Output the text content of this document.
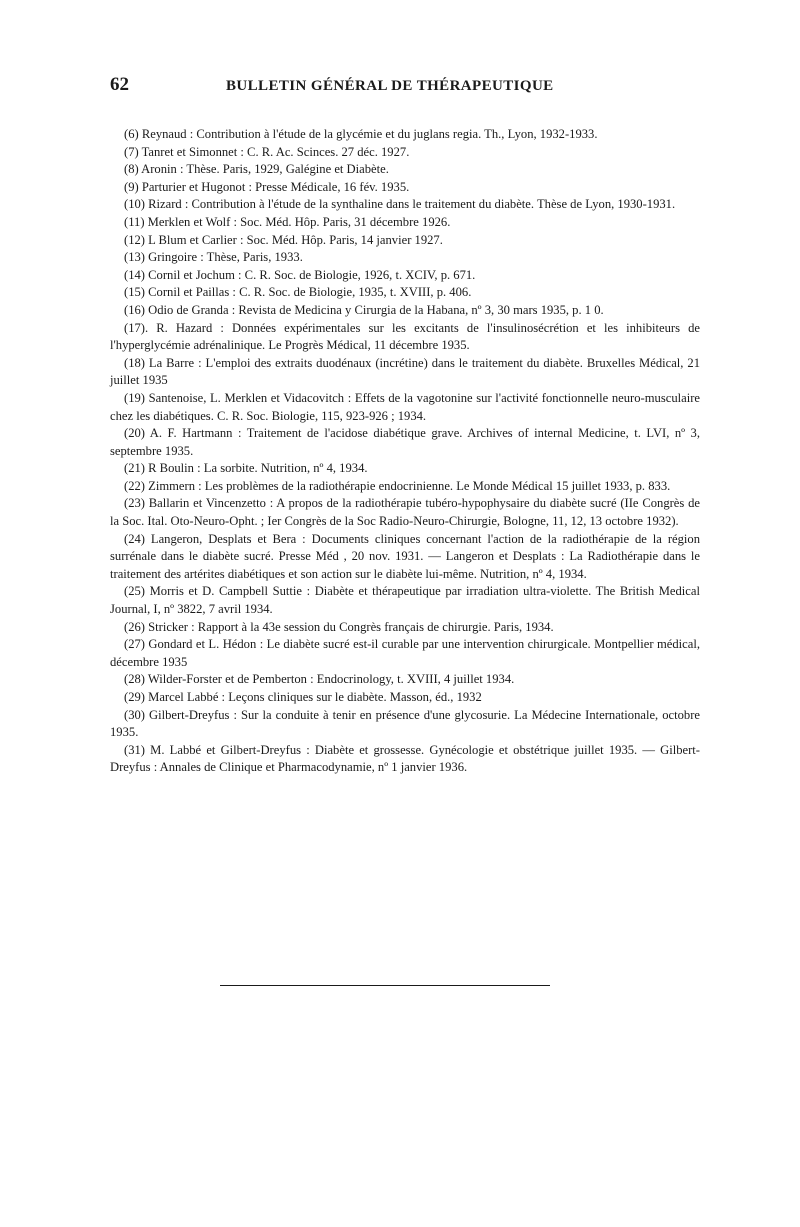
62	BULLETIN GÉNÉRAL DE THÉRAPEUTIQUE

(6) Reynaud : Contribution à l'étude de la glycémie et du juglans regia. Th., Lyon, 1932-1933.

(7) Tanret et Simonnet : C. R. Ac. Scinces. 27 déc. 1927.

(8) Aronin : Thèse. Paris, 1929, Galégine et Diabète.

(9) Parturier et Hugonot : Presse Médicale, 16 fév. 1935.

(10) Rizard : Contribution à l'étude de la synthaline dans le traitement du diabète. Thèse de Lyon, 1930-1931.

(11) Merklen et Wolf : Soc. Méd. Hôp. Paris, 31 décembre 1926.

(12) L Blum et Carlier : Soc. Méd. Hôp. Paris, 14 janvier 1927.

(13) Gringoire : Thèse, Paris, 1933.

(14) Cornil et Jochum : C. R. Soc. de Biologie, 1926, t. XCIV, p. 671.

(15) Cornil et Paillas : C. R. Soc. de Biologie, 1935, t. XVIII, p. 406.

(16) Odio de Granda : Revista de Medicina y Cirurgia de la Habana, nº 3, 30 mars 1935, p. 1 0.

(17). R. Hazard : Données expérimentales sur les excitants de l'insulinosécrétion et les inhibiteurs de l'hyperglycémie adrénalinique. Le Progrès Médical, 11 décembre 1935.

(18) La Barre : L'emploi des extraits duodénaux (incrétine) dans le traitement du diabète. Bruxelles Médical, 21 juillet 1935

(19) Santenoise, L. Merklen et Vidacovitch : Effets de la vagotonine sur l'activité fonctionnelle neuro-musculaire chez les diabétiques. C. R. Soc. Biologie, 115, 923-926 ; 1934.

(20) A. F. Hartmann : Traitement de l'acidose diabétique grave. Archives of internal Medicine, t. LVI, nº 3, septembre 1935.

(21) R Boulin : La sorbite. Nutrition, nº 4, 1934.

(22) Zimmern : Les problèmes de la radiothérapie endocrinienne. Le Monde Médical 15 juillet 1933, p. 833.

(23) Ballarin et Vincenzetto : A propos de la radiothérapie tubéro-hypophysaire du diabète sucré (IIe Congrès de la Soc. Ital. Oto-Neuro-Opht. ; Ier Congrès de la Soc Radio-Neuro-Chirurgie, Bologne, 11, 12, 13 octobre 1932).

(24) Langeron, Desplats et Bera : Documents cliniques concernant l'action de la radiothérapie de la région surrénale dans le diabète sucré. Presse Méd , 20 nov. 1931. — Langeron et Desplats : La Radiothérapie dans le traitement des artérites diabétiques et son action sur le diabète lui-même. Nutrition, nº 4, 1934.

(25) Morris et D. Campbell Suttie : Diabète et thérapeutique par irradiation ultra-violette. The British Medical Journal, I, nº 3822, 7 avril 1934.

(26) Stricker : Rapport à la 43e session du Congrès français de chirurgie. Paris, 1934.

(27) Gondard et L. Hédon : Le diabète sucré est-il curable par une intervention chirurgicale. Montpellier médical, décembre 1935

(28) Wilder-Forster et de Pemberton : Endocrinology, t. XVIII, 4 juillet 1934.

(29) Marcel Labbé : Leçons cliniques sur le diabète. Masson, éd., 1932

(30) Gilbert-Dreyfus : Sur la conduite à tenir en présence d'une glycosurie. La Médecine Internationale, octobre 1935.

(31) M. Labbé et Gilbert-Dreyfus : Diabète et grossesse. Gynécologie et obstétrique juillet 1935. — Gilbert-Dreyfus : Annales de Clinique et Pharmacodynamie, nº 1 janvier 1936.
